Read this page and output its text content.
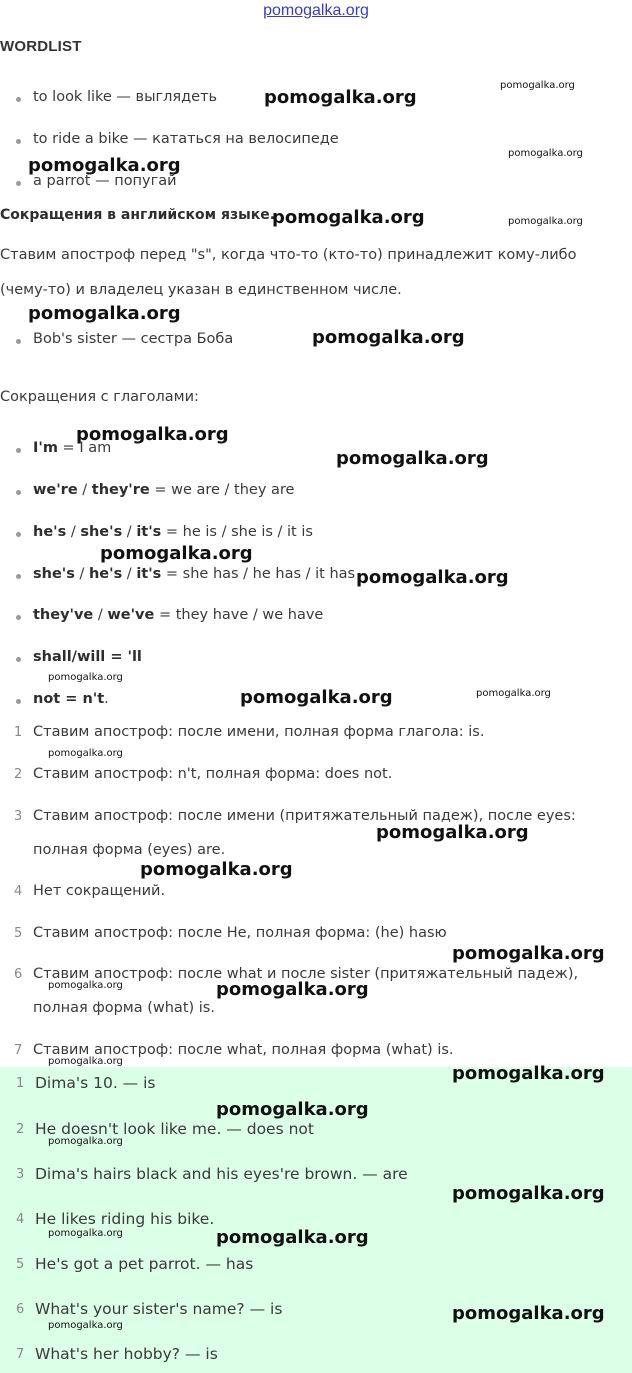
pomogalka.org
WORDLIST
to look like — выглядеть
to ride a bike — кататься на велосипеде
a parrot — попугай
Сокращения в английском языке.
Ставим апостроф перед "s", когда что-то (кто-то) принадлежит кому-либо
(чему-то) и владелец указан в единственном числе.
Bob's sister — сестра Боба
Сокращения с глаголами:
I'm = I am
we're / they're = we are / they are
he's / she's / it's = he is / she is / it is
she's / he's / it's = she has / he has / it has
they've / we've = they have / we have
shall/will = 'll
not = n't.
1 Ставим апостроф: после имени, полная форма глагола: is.
2 Ставим апостроф: n't, полная форма: does not.
3 Ставим апостроф: после имени (притяжательный падеж), после eyes:
полная форма (eyes) are.
4 Нет сокращений.
5 Ставим апостроф: после He, полная форма: (he) hasю
6 Ставим апостроф: после what и после sister (притяжательный падеж),
полная форма (what) is.
7 Ставим апостроф: после what, полная форма (what) is.
1 Dima's 10. — is
2 He doesn't look like me. — does not
3 Dima's hairs black and his eyes're brown. — are
4 He likes riding his bike.
5 He's got a pet parrot. — has
6 What's your sister's name? — is
7 What's her hobby? — is
pomogalka.org
pomogalka.org
pomogalka.org
pomogalka.org
pomogalka.org	pomogalka.org
pomogalka.org
pomogalka.org
pomogalka.org
pomogalka.org
pomogalka.org
pomogalka.org
pomogalka.org
pomogalka.org	pomogalka.org
pomogalka.org
pomogalka.org
pomogalka.org
pomogalka.org
pomogalka.org	pomogalka.org
pomogalka.org
pomogalka.org
pomogalka.org
pomogalka.org
pomogalka.org
pomogalka.org	pomogalka.org
pomogalka.org
pomogalka.org
